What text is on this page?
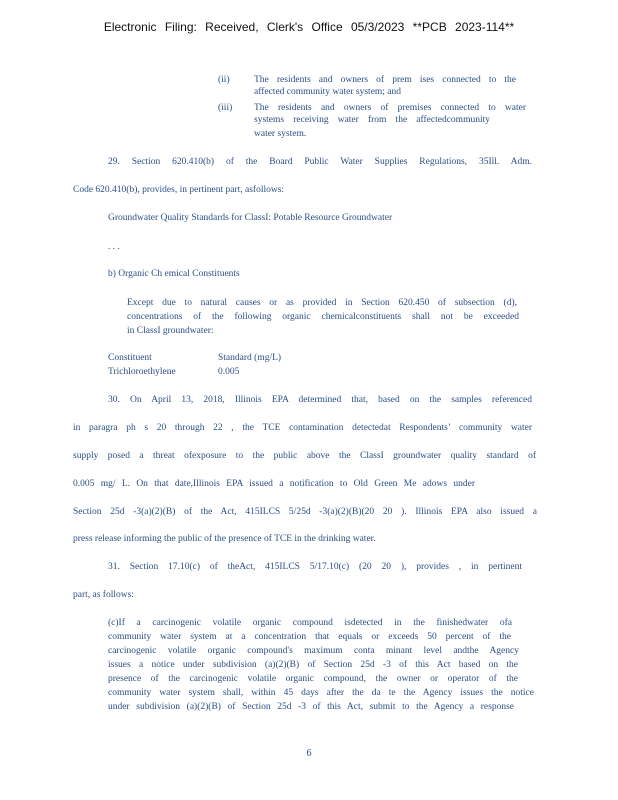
Electronic Filing: Received, Clerk's Office 05/3/2023 **PCB 2023-114**
(ii)	The residents and owners of prem ises connected to the
affected community water system; and
(iii) The residents and owners of premises connected to water
systems receiving water from the affectedcommunity
water system.
29. Section 620.410(b) of the Board Public Water Supplies Regulations, 35Ill. Adm.
Code 620.410(b), provides, in pertinent part, asfollows:
Groundwater Quality Standards for ClassI: Potable Resource Groundwater
. . .
b) Organic Ch emical Constituents
Except due to natural causes or as provided in Section 620.450 of subsection (d),
concentrations of the following organic chemicalconstituents shall not be exceeded
in ClassI groundwater:
Constituent	Standard (mg/L)
Trichloroethylene	0.005
30. On April 13, 2018, Illinois EPA determined that, based on the samples referenced
in paragra ph s 20 through 22 , the TCE contamination detectedat Respondents’ community water
supply posed a threat ofexposure to the public above the ClassI groundwater quality standard of
0.005 mg/ L. On that date,Illinois EPA issued a notification to Old Green Me adows under
Section 25d -3(a)(2)(B) of the Act, 415ILCS 5/25d -3(a)(2)(B)(20 20 ). Illinois EPA also issued a
press release informing the public of the presence of TCE in the drinking water.
31. Section 17.10(c) of theAct, 415ILCS 5/17.10(c) (20 20 ), provides , in pertinent
part, as follows:
(c)If a carcinogenic volatile organic compound isdetected in the finishedwater ofa
community water system at a concentration that equals or exceeds 50 percent of the
carcinogenic volatile organic compound's maximum conta minant level andthe Agency
issues a notice under subdivision (a)(2)(B) of Section 25d -3 of this Act based on the
presence of the carcinogenic volatile organic compound, the owner or operator of the
community water system shall, within 45 days after the da te the Agency issues the notice
under subdivision (a)(2)(B) of Section 25d -3 of this Act, submit to the Agency a response
6
